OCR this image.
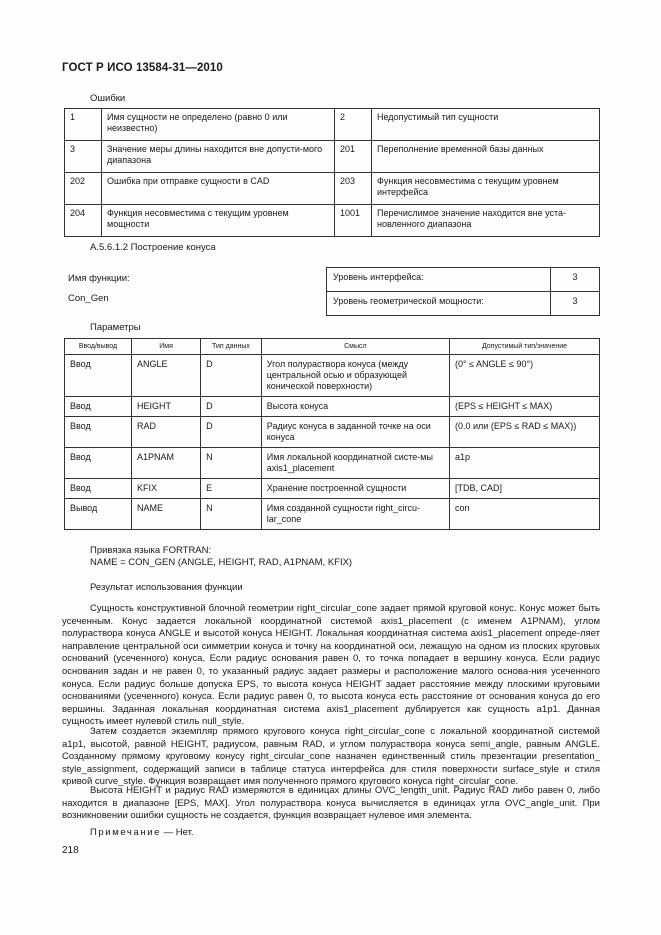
ГОСТ Р ИСО 13584-31—2010
Ошибки
1	Имя сущности не определено (равно 0 или неизвестно)	2	Недопустимый тип сущности
3	Значение меры длины находится вне допусти-мого диапазона	201	Переполнение временной базы данных
202	Ошибка при отправке сущности в CAD	203	Функция несовместима с текущим уровнем интерфейса
204	Функция несовместима с текущим уровнем мощности	1001	Перечислимое значение находится вне уста-новленного диапазона
А.5.6.1.2 Построение конуса
Имя функции:
Con_Gen
Уровень интерфейса:	3
Уровень геометрической мощности:	3
Параметры
Ввод/вывод	Имя	Тип данных	Смысл	Допустимый тип/значение
Ввод	ANGLE	D	Угол полураствора конуса (между центральной осью и образующей конической поверхности)	(0° ≤ ANGLE ≤ 90°)
Ввод	HEIGHT	D	Высота конуса	(EPS ≤ HEIGHT ≤ MAX)
Ввод	RAD	D	Радиус конуса в заданной точке на оси конуса	(0.0 или (EPS ≤ RAD ≤ MAX))
Ввод	A1PNAM	N	Имя локальной координатной систе-мы axis1_placement	a1p
Ввод	KFIX	E	Хранение построенной сущности	[TDB, CAD]
Вывод	NAME	N	Имя созданной сущности right_circu-lar_cone	con
Привязка языка FORTRAN:
NAME = CON_GEN (ANGLE, HEIGHT, RAD, A1PNAM, KFIX)
Результат использования функции
Сущность конструктивной блочной геометрии right_circular_cone задает прямой круговой конус. Конус может быть усеченным. Конус задается локальной координатной системой axis1_placement (с именем A1PNAM), углом полураствора конуса ANGLE и высотой конуса HEIGHT. Локальная координатная система axis1_placement опреде-ляет направление центральной оси симметрии конуса и точку на координатной оси, лежащую на одном из плоских круговых оснований (усеченного) конуса. Если радиус основания равен 0, то точка попадает в вершину конуса. Если радиус основания задан и не равен 0, то указанный радиус задает размеры и расположение малого основа-ния усеченного конуса. Если радиус больше допуска EPS, то высота конуса HEIGHT задает расстояние между плоскими круговыми основаниями (усеченного) конуса. Если радиус равен 0, то высота конуса есть расстояние от основания конуса до его вершины. Заданная локальная координатная система axis1_placement дублируется как сущность a1p1. Данная сущность имеет нулевой стиль null_style.
Затем создается экземпляр прямого кругового конуса right_circular_cone с локальной координатной системой a1p1, высотой, равной HEIGHT, радиусом, равным RAD, и углом полураствора конуса semi_angle, равным ANGLE. Созданному прямому круговому конусу right_circular_cone назначен единственный стиль презентации presentation_ style_assignment, содержащий записи в таблице статуса интерфейса для стиля поверхности surface_style и стиля кривой curve_style. Функция возвращает имя полученного прямого кругового конуса right_circular_cone.
Высота HEIGHT и радиус RAD измеряются в единицах длины OVC_length_unit. Радиус RAD либо равен 0, либо находится в диапазоне [EPS, MAX]. Угол полураствора конуса вычисляется в единицах угла OVC_angle_unit. При возникновении ошибки сущность не создается, функция возвращает нулевое имя элемента.
Примечание — Нет.
218
